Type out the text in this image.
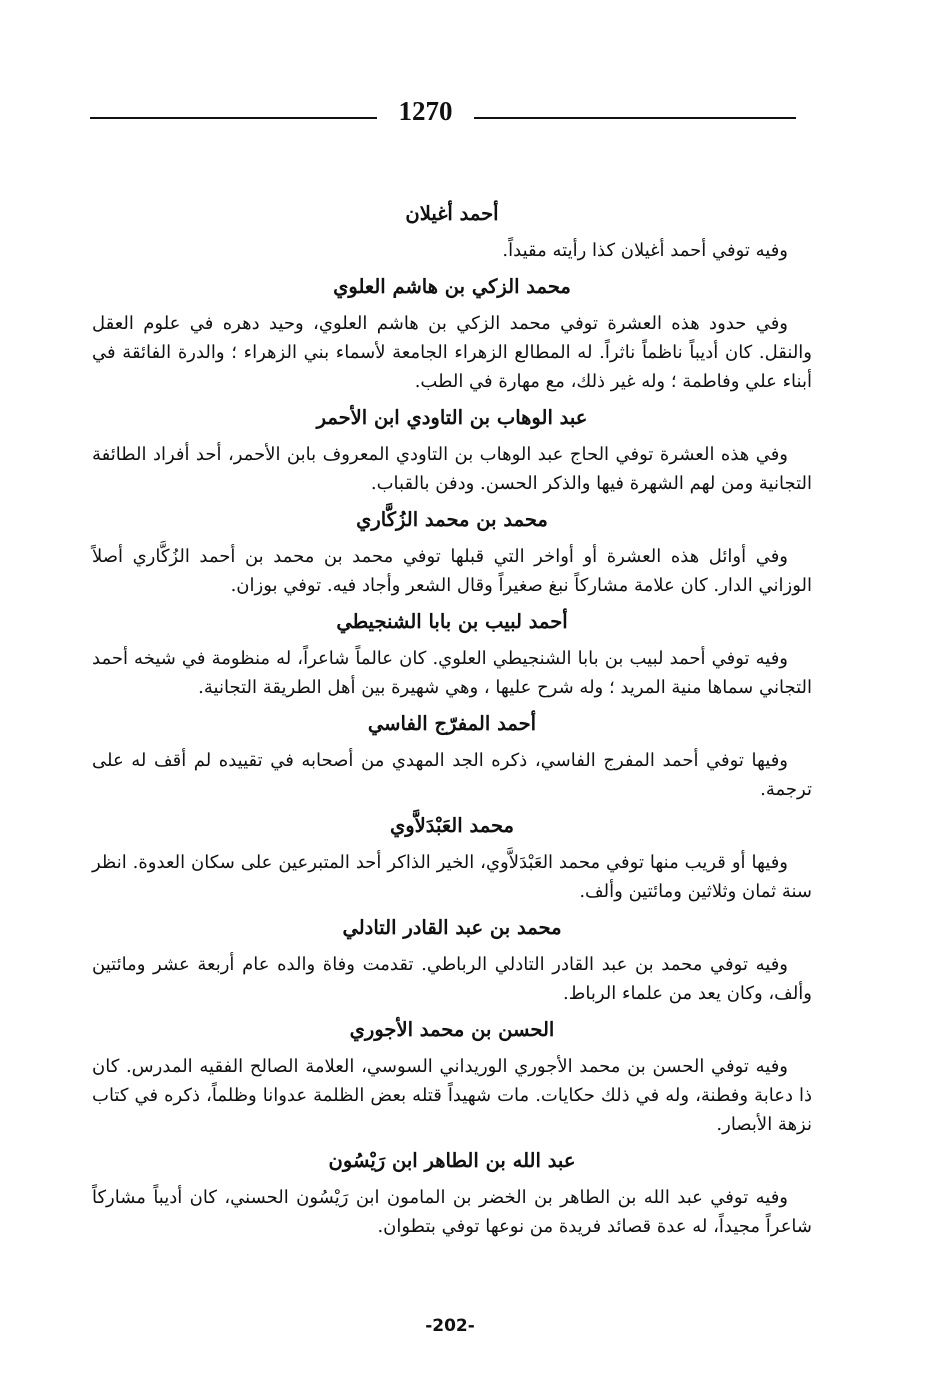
1270
أحمد أغيلان

وفيه توفي أحمد أغيلان كذا رأيته مقيداً.

محمد الزكي بن هاشم العلوي

وفي حدود هذه العشرة توفي محمد الزكي بن هاشم العلوي، وحيد دهره في علوم العقل والنقل. كان أديباً ناظماً ناثراً. له المطالع الزهراء الجامعة لأسماء بني الزهراء ؛ والدرة الفائقة في أبناء علي وفاطمة ؛ وله غير ذلك، مع مهارة في الطب.

عبد الوهاب بن التاودي ابن الأحمر

وفي هذه العشرة توفي الحاج عبد الوهاب بن التاودي المعروف بابن الأحمر، أحد أفراد الطائفة التجانية ومن لهم الشهرة فيها والذكر الحسن. ودفن بالقباب.

محمد بن محمد الزُكَّاري

وفي أوائل هذه العشرة أو أواخر التي قبلها توفي محمد بن محمد بن أحمد الزُكَّاري أصلاً الوزاني الدار. كان علامة مشاركاً نبغ صغيراً وقال الشعر وأجاد فيه. توفي بوزان.

أحمد لبيب بن بابا الشنجيطي

وفيه توفي أحمد لبيب بن بابا الشنجيطي العلوي. كان عالماً شاعراً، له منظومة في شيخه أحمد التجاني سماها منية المريد ؛ وله شرح عليها ، وهي شهيرة بين أهل الطريقة التجانية.

أحمد المفرّج الفاسي

وفيها توفي أحمد المفرج الفاسي، ذكره الجد المهدي من أصحابه في تقييده لم أقف له على ترجمة.

محمد العَبْدَلاَّوي

وفيها أو قريب منها توفي محمد العَبْدَلاَّوي، الخير الذاكر أحد المتبرعين على سكان العدوة. انظر سنة ثمان وثلاثين ومائتين وألف.

محمد بن عبد القادر التادلي

وفيه توفي محمد بن عبد القادر التادلي الرباطي. تقدمت وفاة والده عام أربعة عشر ومائتين وألف، وكان يعد من علماء الرباط.

الحسن بن محمد الأجوري

وفيه توفي الحسن بن محمد الأجوري الوريداني السوسي، العلامة الصالح الفقيه المدرس. كان ذا دعابة وفطنة، وله في ذلك حكايات. مات شهيداً قتله بعض الظلمة عدوانا وظلماً، ذكره في كتاب نزهة الأبصار.

عبد الله بن الطاهر ابن رَيْسُون

وفيه توفي عبد الله بن الطاهر بن الخضر بن المامون ابن رَيْسُون الحسني، كان أديباً مشاركاً شاعراً مجيداً، له عدة قصائد فريدة من نوعها توفي بتطوان.

-202-
